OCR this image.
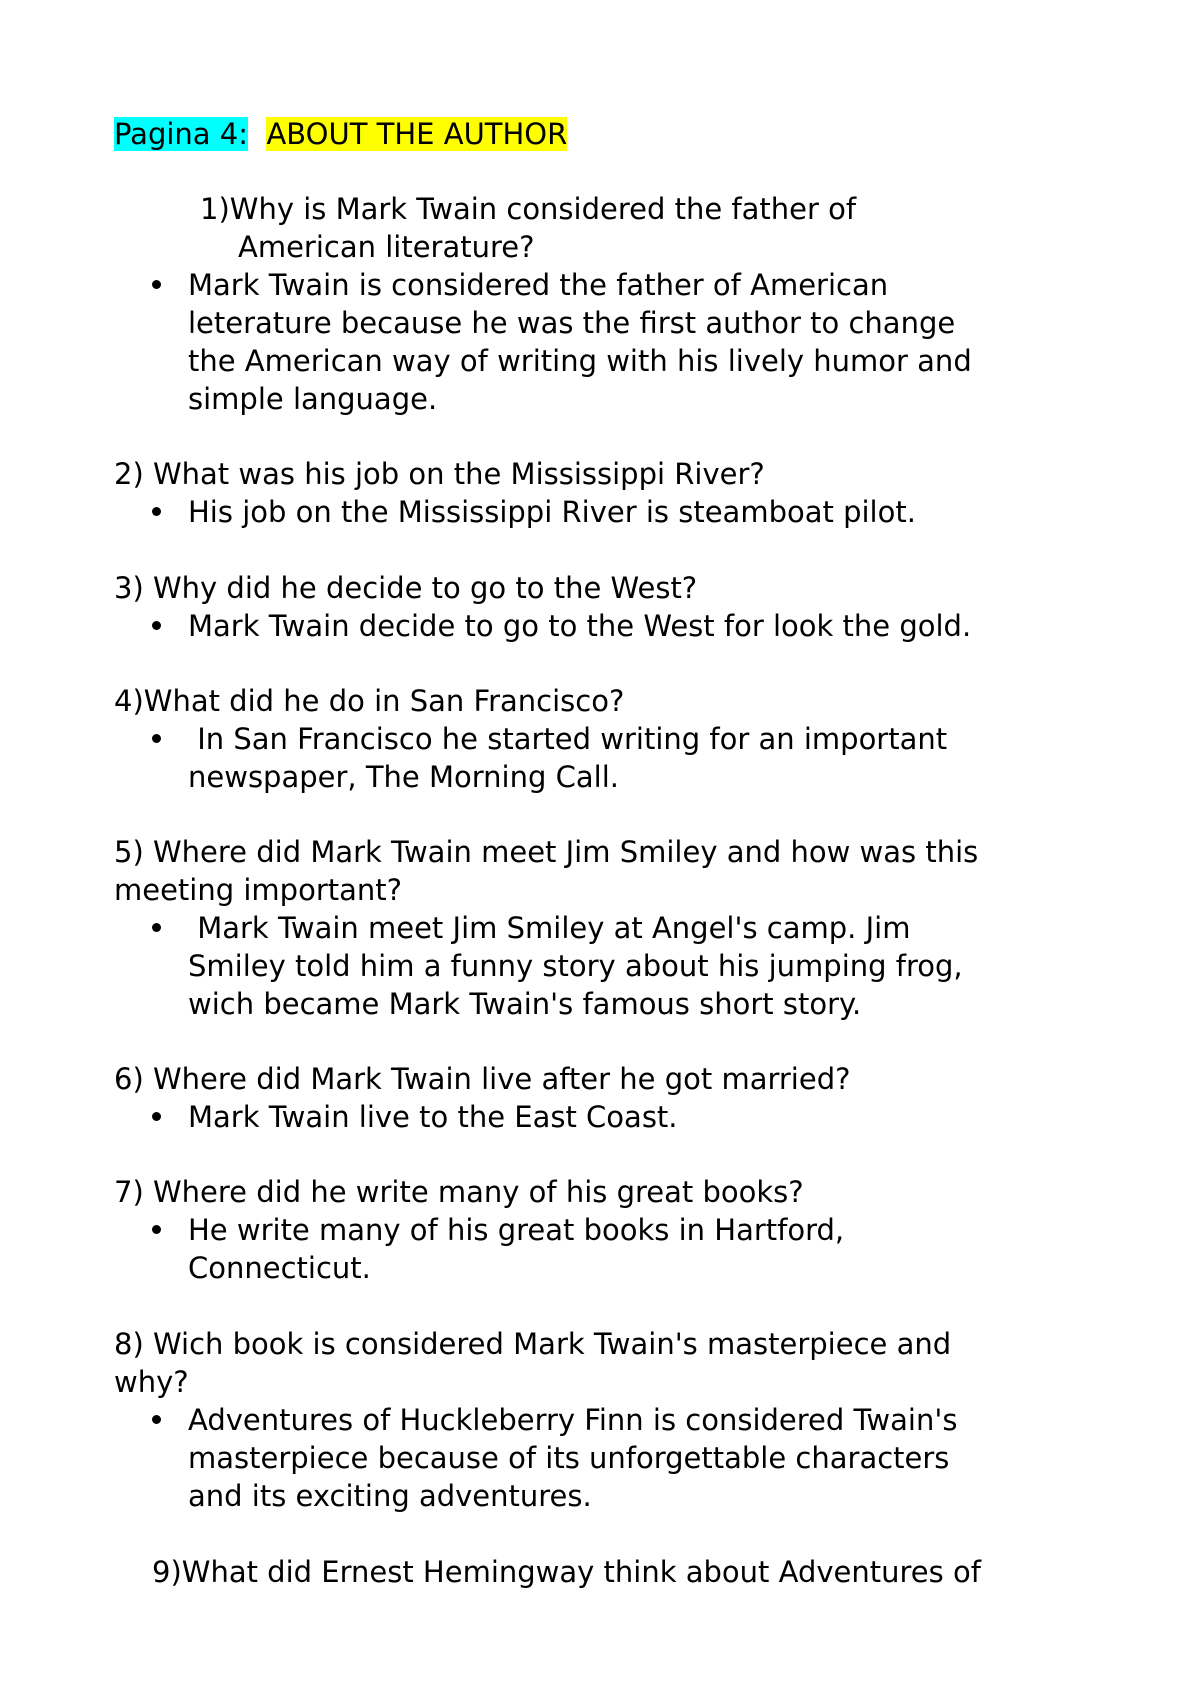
Pagina 4: ABOUT THE AUTHOR
1)Why is Mark Twain considered the father of
American literature?
Mark Twain is considered the father of American
leterature because he was the first author to change
the American way of writing with his lively humor and
simple language.
2) What was his job on the Mississippi River?
His job on the Mississippi River is steamboat pilot.
3) Why did he decide to go to the West?
Mark Twain decide to go to the West for look the gold.
4)What did he do in San Francisco?
In San Francisco he started writing for an important
newspaper, The Morning Call.
5) Where did Mark Twain meet Jim Smiley and how was this
meeting important?
Mark Twain meet Jim Smiley at Angel's camp. Jim
Smiley told him a funny story about his jumping frog,
wich became Mark Twain's famous short story.
6) Where did Mark Twain live after he got married?
Mark Twain live to the East Coast.
7) Where did he write many of his great books?
He write many of his great books in Hartford,
Connecticut.
8) Wich book is considered Mark Twain's masterpiece and
why?
Adventures of Huckleberry Finn is considered Twain's
masterpiece because of its unforgettable characters
and its exciting adventures.
9)What did Ernest Hemingway think about Adventures of
